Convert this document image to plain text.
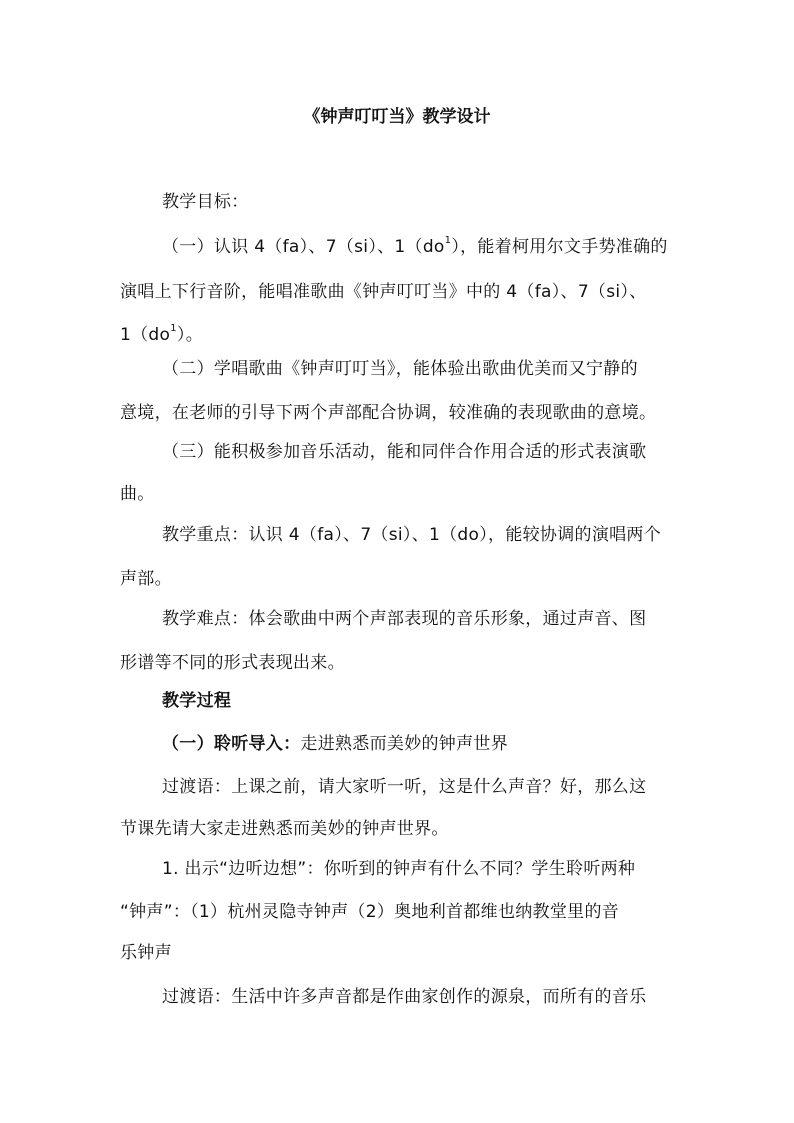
《钟声叮叮当》教学设计
教学目标：
（一）认识 4（fa）、7（si）、$1(do^1)$，能着柯用尔文手势准确的
演唱上下行音阶，能唱准歌曲《钟声叮叮当》中的 4（fa）、7（si）、
$1(do^1)$。
（二）学唱歌曲《钟声叮叮当》，能体验出歌曲优美而又宁静的
意境，在老师的引导下两个声部配合协调，较准确的表现歌曲的意境。
（三）能积极参加音乐活动，能和同伴合作用合适的形式表演歌
曲。
教学重点：认识 4（fa）、7（si）、1（do），能较协调的演唱两个
声部。
教学难点：体会歌曲中两个声部表现的音乐形象，通过声音、图
形谱等不同的形式表现出来。
教学过程
（一）聆听导入：走进熟悉而美妙的钟声世界
过渡语：上课之前，请大家听一听，这是什么声音？好，那么这
节课先请大家走进熟悉而美妙的钟声世界。
1. 出示“边听边想”：你听到的钟声有什么不同？学生聆听两种
“钟声”：（1）杭州灵隐寺钟声（2）奥地利首都维也纳教堂里的音
乐钟声
过渡语：生活中许多声音都是作曲家创作的源泉，而所有的音乐
